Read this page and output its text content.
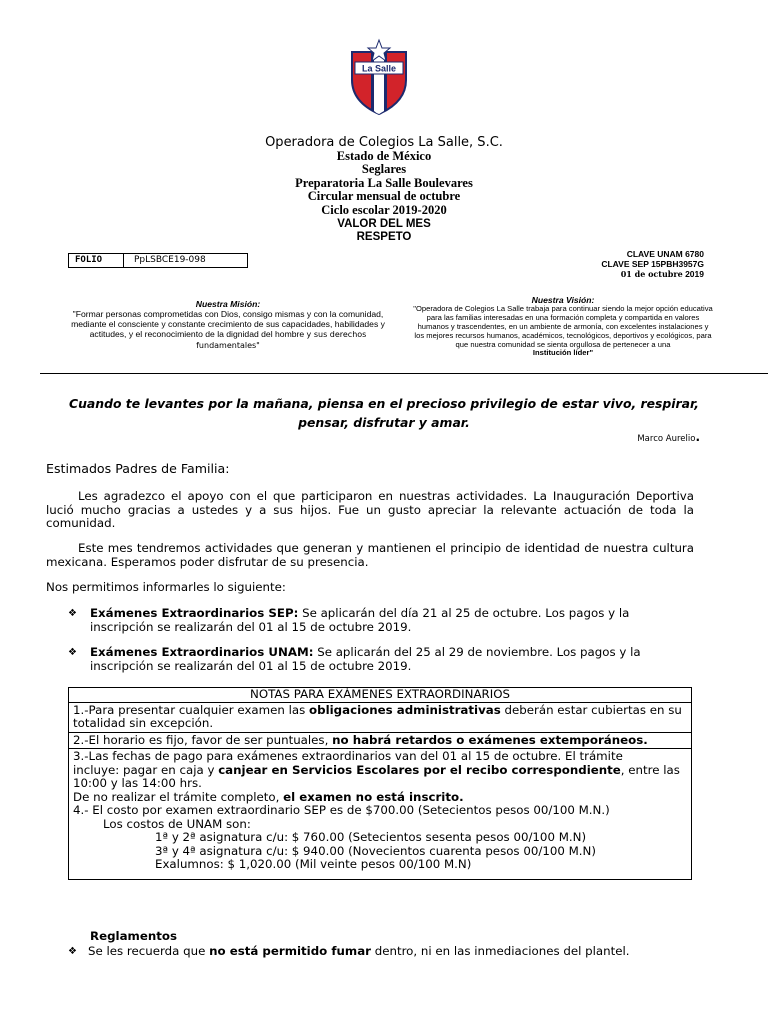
La Salle
Operadora de Colegios La Salle, S.C.
Estado de México
Seglares
Preparatoria La Salle Boulevares
Circular mensual de octubre
Ciclo escolar 2019-2020
VALOR DEL MES
RESPETO
FOLIO	PpLSBCE19-098
CLAVE UNAM 6780
CLAVE SEP 15PBH3957G
01 de octubre 2019
Nuestra Misión:
"Formar personas comprometidas con Dios, consigo mismas y con la comunidad, mediante el consciente y constante crecimiento de sus capacidades, habilidades y actitudes, y el reconocimiento de la dignidad del hombre y sus derechos fundamentales"
Nuestra Visión:
"Operadora de Colegios La Salle trabaja para continuar siendo la mejor opción educativa para las familias interesadas en una formación completa y compartida en valores humanos y trascendentes, en un ambiente de armonía, con excelentes instalaciones y los mejores recursos humanos, académicos, tecnológicos, deportivos y ecológicos, para que nuestra comunidad se sienta orgullosa de pertenecer a una
Institución líder"
Cuando te levantes por la mañana, piensa en el precioso privilegio de estar vivo, respirar, pensar, disfrutar y amar.
Marco Aurelio.
Estimados Padres de Familia:
Les agradezco el apoyo con el que participaron en nuestras actividades. La Inauguración Deportiva lució mucho gracias a ustedes y a sus hijos. Fue un gusto apreciar la relevante actuación de toda la comunidad.
Este mes tendremos actividades que generan y mantienen el principio de identidad de nuestra cultura mexicana. Esperamos poder disfrutar de su presencia.
Nos permitimos informarles lo siguiente:
❖ Exámenes Extraordinarios SEP: Se aplicarán del día 21 al 25 de octubre. Los pagos y la inscripción se realizarán del 01 al 15 de octubre 2019.
❖ Exámenes Extraordinarios UNAM: Se aplicarán del 25 al 29 de noviembre. Los pagos y la inscripción se realizarán del 01 al 15 de octubre 2019.
NOTAS PARA EXÁMENES EXTRAORDINARIOS
1.-Para presentar cualquier examen las obligaciones administrativas deberán estar cubiertas en su totalidad sin excepción.
2.-El horario es fijo, favor de ser puntuales, no habrá retardos o exámenes extemporáneos.

3.-Las fechas de pago para exámenes extraordinarios van del 01 al 15 de octubre. El trámite
incluye: pagar en caja y canjear en Servicios Escolares por el recibo correspondiente, entre las 10:00 y las 14:00 hrs.
De no realizar el trámite completo, el examen no está inscrito.
4.- El costo por examen extraordinario SEP es de $700.00 (Setecientos pesos 00/100 M.N.)
Los costos de UNAM son:
1ª y 2ª asignatura c/u: $ 760.00 (Setecientos sesenta pesos 00/100 M.N)
3ª y 4ª asignatura c/u: $ 940.00 (Novecientos cuarenta pesos 00/100 M.N)
Exalumnos: $ 1,020.00 (Mil veinte pesos 00/100 M.N)
Reglamentos
❖ Se les recuerda que no está permitido fumar dentro, ni en las inmediaciones del plantel.
